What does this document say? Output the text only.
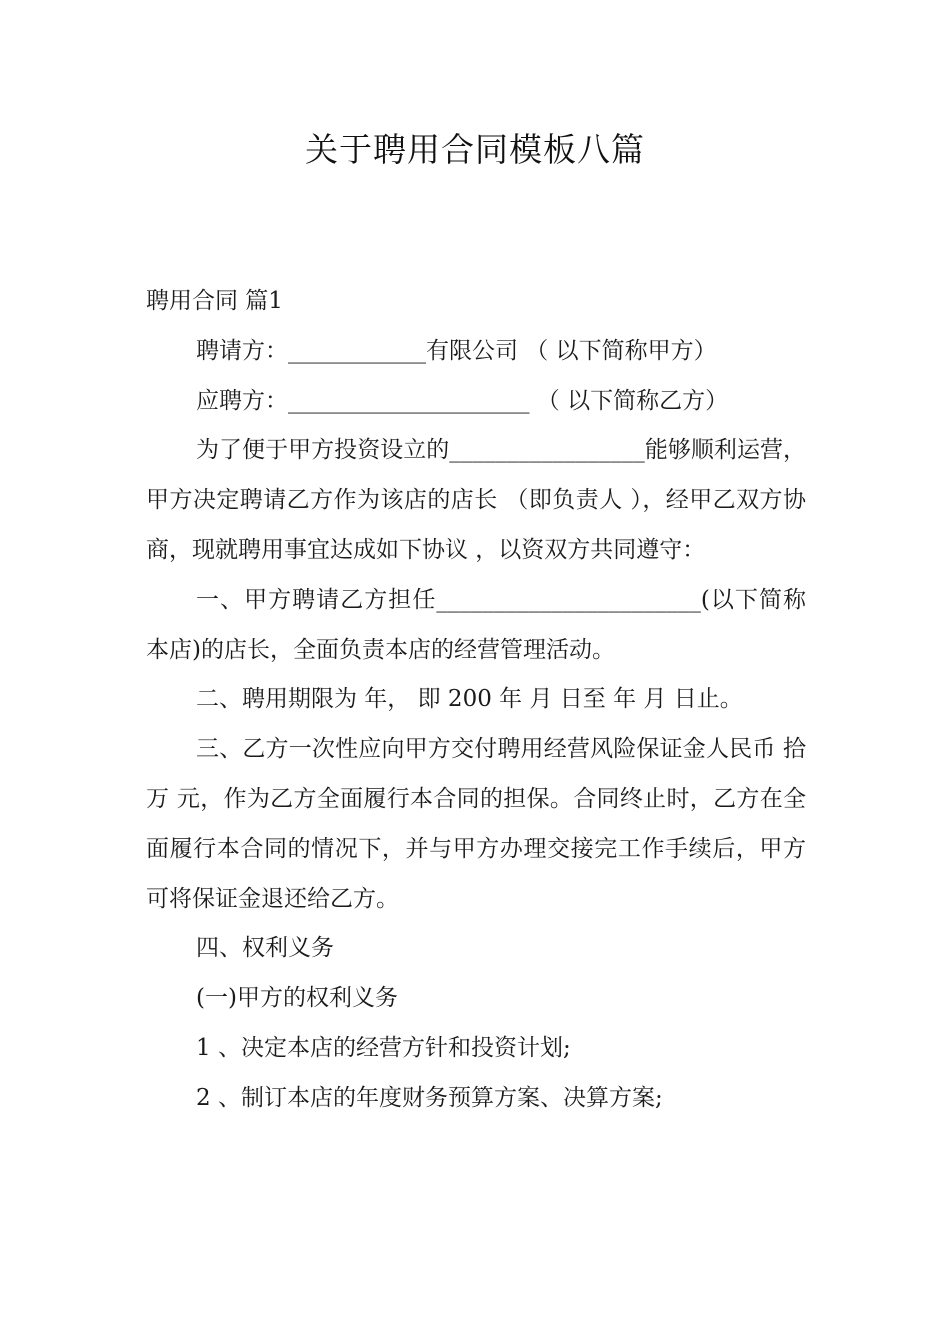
关于聘用合同模板八篇

聘用合同 篇1

聘请方：____________有限公司 （ 以下简称甲方）

应聘方：_____________________ （ 以下简称乙方）

为了便于甲方投资设立的_________________能够顺利运营，甲方决定聘请乙方作为该店的店长 （即负责人 ），经甲乙双方协商，现就聘用事宜达成如下协议 ，以资双方共同遵守：

一、甲方聘请乙方担任_______________________(以下简称本店)的店长，全面负责本店的经营管理活动。

二、聘用期限为 年， 即 200 年 月 日至 年 月 日止。

三、乙方一次性应向甲方交付聘用经营风险保证金人民币 拾万 元，作为乙方全面履行本合同的担保。合同终止时，乙方在全面履行本合同的情况下，并与甲方办理交接完工作手续后，甲方可将保证金退还给乙方。

四、权利义务

(一)甲方的权利义务

1 、决定本店的经营方针和投资计划;

2 、制订本店的年度财务预算方案、决算方案;
